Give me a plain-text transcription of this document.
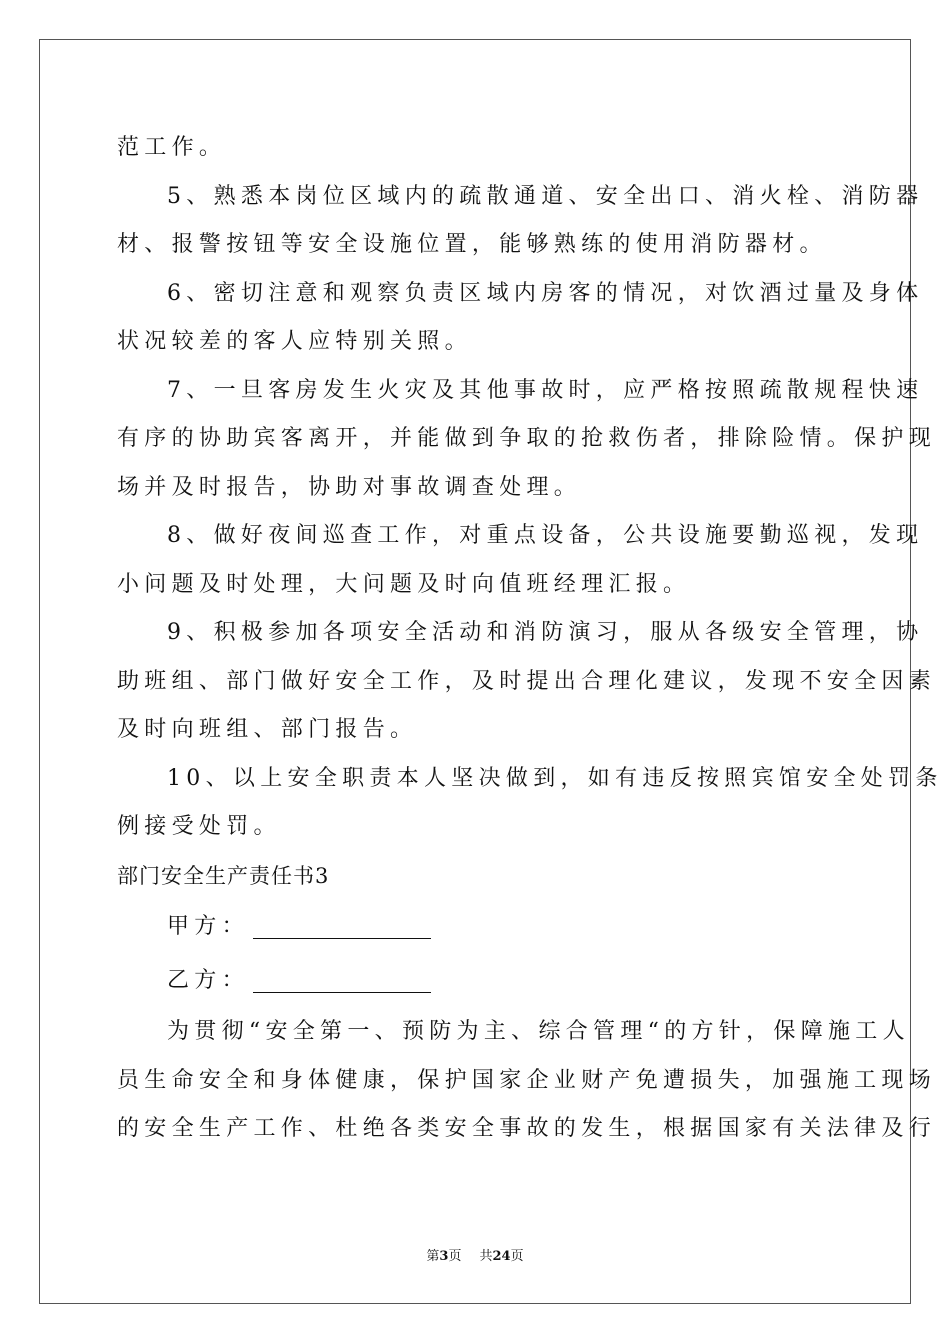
范工作。
5、熟悉本岗位区域内的疏散通道、安全出口、消火栓、消防器
材、报警按钮等安全设施位置，能够熟练的使用消防器材。
6、密切注意和观察负责区域内房客的情况，对饮酒过量及身体
状况较差的客人应特别关照。
7、一旦客房发生火灾及其他事故时，应严格按照疏散规程快速
有序的协助宾客离开，并能做到争取的抢救伤者，排除险情。保护现
场并及时报告，协助对事故调查处理。
8、做好夜间巡查工作，对重点设备，公共设施要勤巡视，发现
小问题及时处理，大问题及时向值班经理汇报。
9、积极参加各项安全活动和消防演习，服从各级安全管理，协
助班组、部门做好安全工作，及时提出合理化建议，发现不安全因素
及时向班组、部门报告。
10、以上安全职责本人坚决做到，如有违反按照宾馆安全处罚条
例接受处罚。
部门安全生产责任书3
甲方：
乙方：
为贯彻“安全第一、预防为主、综合管理“的方针，保障施工人
员生命安全和身体健康，保护国家企业财产免遭损失，加强施工现场
的安全生产工作、杜绝各类安全事故的发生，根据国家有关法律及行
第3页 共24页
